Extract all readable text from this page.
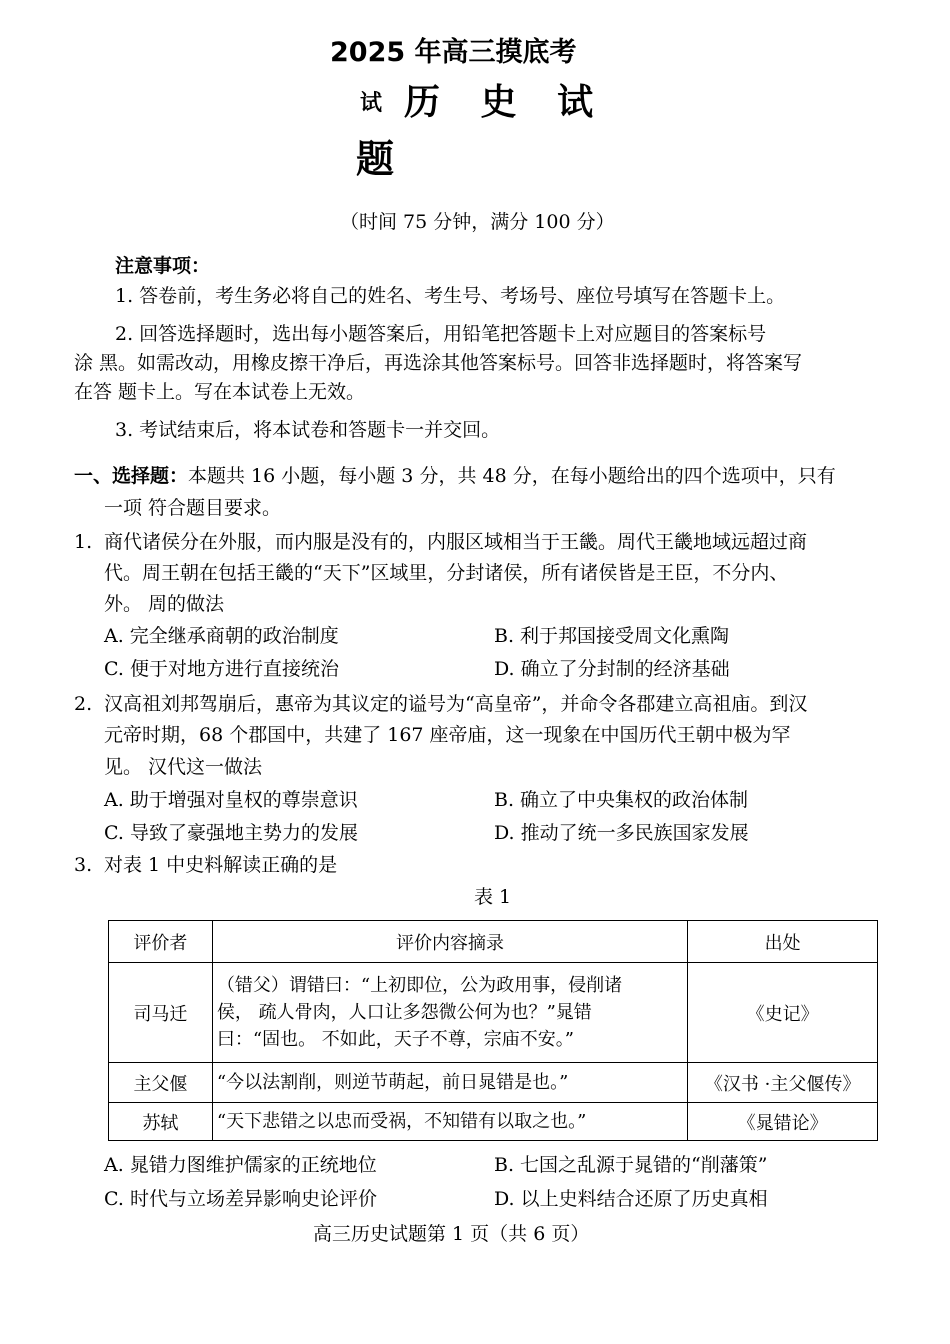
2025 年高三摸底考
试 历 史 试
题
（时间 75 分钟，满分 100 分）
注意事项：
1. 答卷前，考生务必将自己的姓名、考生号、考场号、座位号填写在答题卡上。
2. 回答选择题时，选出每小题答案后，用铅笔把答题卡上对应题目的答案标号
涂 黑。如需改动，用橡皮擦干净后，再选涂其他答案标号。回答非选择题时，将答案写
在答 题卡上。写在本试卷上无效。
3. 考试结束后，将本试卷和答题卡一并交回。
一、选择题：本题共 16 小题，每小题 3 分，共 48 分，在每小题给出的四个选项中，只有
一项 符合题目要求。
1. 商代诸侯分在外服，而内服是没有的，内服区域相当于王畿。周代王畿地域远超过商
代。周王朝在包括王畿的“天下”区域里，分封诸侯，所有诸侯皆是王臣，不分内、
外。 周的做法
A. 完全继承商朝的政治制度	B. 利于邦国接受周文化熏陶
C. 便于对地方进行直接统治	D. 确立了分封制的经济基础
2. 汉高祖刘邦驾崩后，惠帝为其议定的谥号为“高皇帝”，并命令各郡建立高祖庙。到汉
元帝时期，68 个郡国中，共建了 167 座帝庙，这一现象在中国历代王朝中极为罕
见。 汉代这一做法
A. 助于增强对皇权的尊崇意识	B. 确立了中央集权的政治体制
C. 导致了豪强地主势力的发展	D. 推动了统一多民族国家发展
3. 对表 1 中史料解读正确的是
表 1
评价者	评价内容摘录	出处
司马迁	（错父）谓错曰：“上初即位，公为政用事，侵削诸
侯， 疏人骨肉，人口让多怨微公何为也？”晁错
曰：“固也。 不如此，天子不尊，宗庙不安。”	《史记》
主父偃	“今以法割削，则逆节萌起，前日晁错是也。”	《汉书 ·主父偃传》
苏轼	“天下悲错之以忠而受祸，不知错有以取之也。”	《晁错论》
A. 晁错力图维护儒家的正统地位	B. 七国之乱源于晁错的“削藩策”
C. 时代与立场差异影响史论评价	D. 以上史料结合还原了历史真相
高三历史试题第 1 页（共 6 页）
